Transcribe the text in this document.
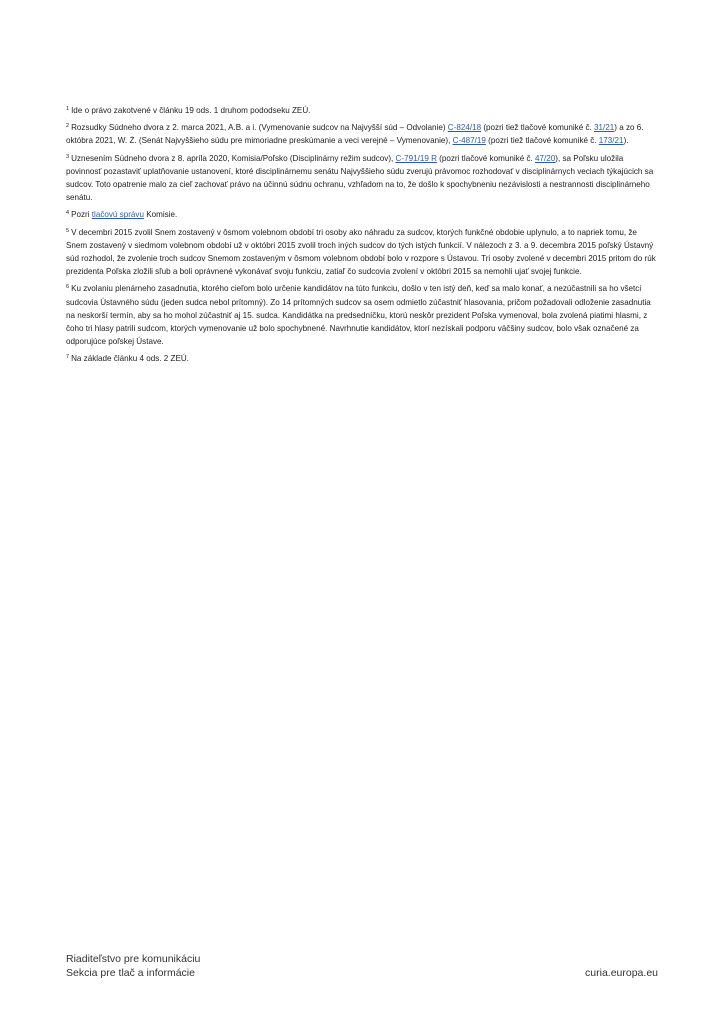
$^1$ Ide o právo zakotvené v článku 19 ods. 1 druhom pododseku ZEÚ.

$^2$ Rozsudky Súdneho dvora z 2. marca 2021, A.B. a i. (Vymenovanie sudcov na Najvyšší súd – Odvolanie) C-824/18 (pozri tiež tlačové komuniké č. 31/21) a zo 6. októbra 2021, W. Ż. (Senát Najvyššieho súdu pre mimoriadne preskúmanie a veci verejné – Vymenovanie), C-487/19 (pozri tiež tlačové komuniké č. 173/21).

$^3$ Uznesením Súdneho dvora z 8. apríla 2020, Komisia/Poľsko (Disciplinárny režim sudcov), C-791/19 R (pozri tlačové komuniké č. 47/20), sa Poľsku uložila povinnosť pozastaviť uplatňovanie ustanovení, ktoré disciplinárnemu senátu Najvyššieho súdu zverujú právomoc rozhodovať v disciplinárnych veciach týkajúcich sa sudcov. Toto opatrenie malo za cieľ zachovať právo na účinnú súdnu ochranu, vzhľadom na to, že došlo k spochybneniu nezávislosti a nestrannosti disciplinárneho senátu.

$^4$ Pozri tlačovú správu Komisie.

$^5$ V decembri 2015 zvolil Snem zostavený v ôsmom volebnom období tri osoby ako náhradu za sudcov, ktorých funkčné obdobie uplynulo, a to napriek tomu, že Snem zostavený v siedmom volebnom období už v októbri 2015 zvolil troch iných sudcov do tých istých funkcií. V nálezoch z 3. a 9. decembra 2015 poľský Ústavný súd rozhodol, že zvolenie troch sudcov Snemom zostaveným v ôsmom volebnom období bolo v rozpore s Ústavou. Tri osoby zvolené v decembri 2015 pritom do rúk prezidenta Poľska zložili sľub a boli oprávnené vykonávať svoju funkciu, zatiaľ čo sudcovia zvolení v októbri 2015 sa nemohli ujať svojej funkcie.

$^6$ Ku zvolaniu plenárneho zasadnutia, ktorého cieľom bolo určenie kandidátov na túto funkciu, došlo v ten istý deň, keď sa malo konať, a nezúčastnili sa ho všetci sudcovia Ústavného súdu (jeden sudca nebol prítomný). Zo 14 prítomných sudcov sa osem odmietlo zúčastniť hlasovania, pričom požadovali odloženie zasadnutia na neskorší termín, aby sa ho mohol zúčastniť aj 15. sudca. Kandidátka na predsedníčku, ktorú neskôr prezident Poľska vymenoval, bola zvolená piatimi hlasmi, z čoho tri hlasy patrili sudcom, ktorých vymenovanie už bolo spochybnené. Navrhnutie kandidátov, ktorí nezískali podporu väčšiny sudcov, bolo však označené za odporujúce poľskej Ústave.

$^7$ Na základe článku 4 ods. 2 ZEÚ.

Riaditeľstvo pre komunikáciu
Sekcia pre tlač a informácie	curia.europa.eu
